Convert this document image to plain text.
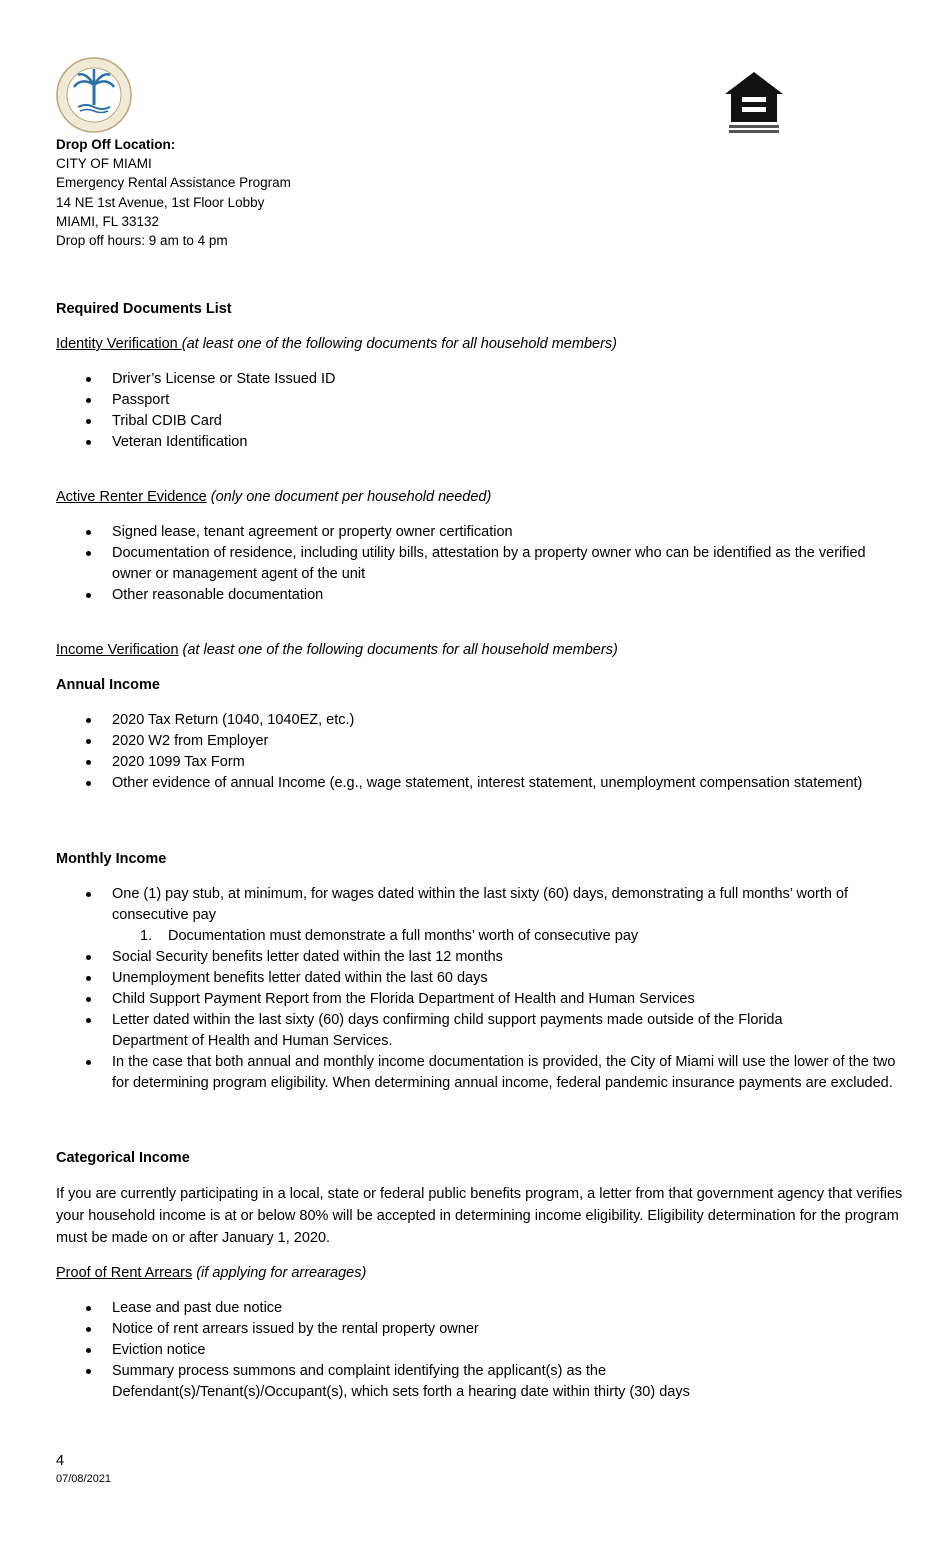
Drop Off Location:
CITY OF MIAMI
Emergency Rental Assistance Program
14 NE 1st Avenue, 1st Floor Lobby
MIAMI, FL 33132
Drop off hours: 9 am to 4 pm
Required Documents List
Identity Verification (at least one of the following documents for all household members)
Driver’s License or State Issued ID
Passport
Tribal CDIB Card
Veteran Identification
Active Renter Evidence (only one document per household needed)
Signed lease, tenant agreement or property owner certification
Documentation of residence, including utility bills, attestation by a property owner who can be identified as the verified owner or management agent of the unit
Other reasonable documentation
Income Verification (at least one of the following documents for all household members)
Annual Income
2020 Tax Return (1040, 1040EZ, etc.)
2020 W2 from Employer
2020 1099 Tax Form
Other evidence of annual Income (e.g., wage statement, interest statement, unemployment compensation statement)
Monthly Income
One (1) pay stub, at minimum, for wages dated within the last sixty (60) days, demonstrating a full months’ worth of consecutive pay
1. Documentation must demonstrate a full months’ worth of consecutive pay
Social Security benefits letter dated within the last 12 months
Unemployment benefits letter dated within the last 60 days
Child Support Payment Report from the Florida Department of Health and Human Services
Letter dated within the last sixty (60) days confirming child support payments made outside of the Florida Department of Health and Human Services.
In the case that both annual and monthly income documentation is provided, the City of Miami will use the lower of the two for determining program eligibility. When determining annual income, federal pandemic insurance payments are excluded.
Categorical Income
If you are currently participating in a local, state or federal public benefits program, a letter from that government agency that verifies your household income is at or below 80% will be accepted in determining income eligibility. Eligibility determination for the program must be made on or after January 1, 2020.
Proof of Rent Arrears (if applying for arrearages)
Lease and past due notice
Notice of rent arrears issued by the rental property owner
Eviction notice
Summary process summons and complaint identifying the applicant(s) as the Defendant(s)/Tenant(s)/Occupant(s), which sets forth a hearing date within thirty (30) days
4
07/08/2021
